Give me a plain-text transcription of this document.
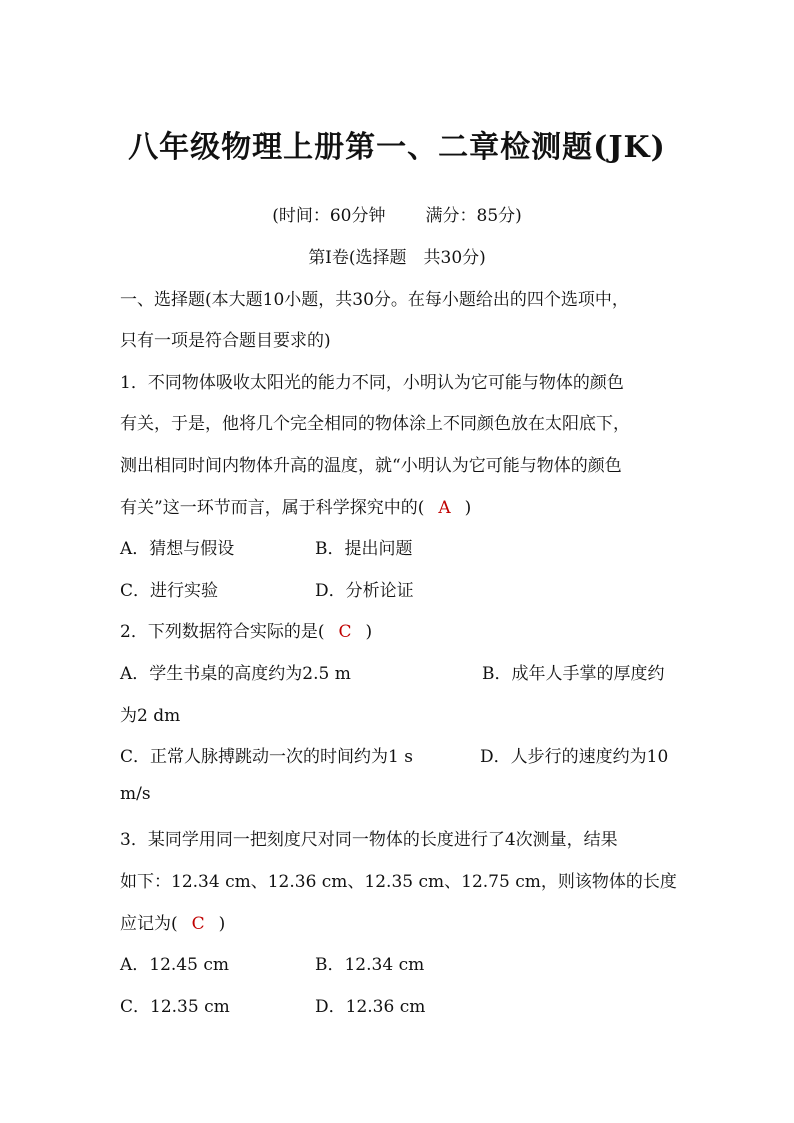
八年级物理上册第一、二章检测题(JK)
(时间：60分钟 满分：85分)
第Ⅰ卷(选择题　共30分)
一、选择题(本大题10小题，共30分。在每小题给出的四个选项中，
只有一项是符合题目要求的)
1．不同物体吸收太阳光的能力不同，小明认为它可能与物体的颜色
有关，于是，他将几个完全相同的物体涂上不同颜色放在太阳底下，
测出相同时间内物体升高的温度，就“小明认为它可能与物体的颜色
有关”这一环节而言，属于科学探究中的( A )
A．猜想与假设	B．提出问题
C．进行实验	D．分析论证
2．下列数据符合实际的是( C )
A．学生书桌的高度约为2.5 m	B．成年人手掌的厚度约
为2 dm
C．正常人脉搏跳动一次的时间约为1 s	D．人步行的速度约为10
m/s
3．某同学用同一把刻度尺对同一物体的长度进行了4次测量，结果
如下：12.34 cm、12.36 cm、12.35 cm、12.75 cm，则该物体的长度
应记为( C )
A．12.45 cm	B．12.34 cm
C．12.35 cm	D．12.36 cm
